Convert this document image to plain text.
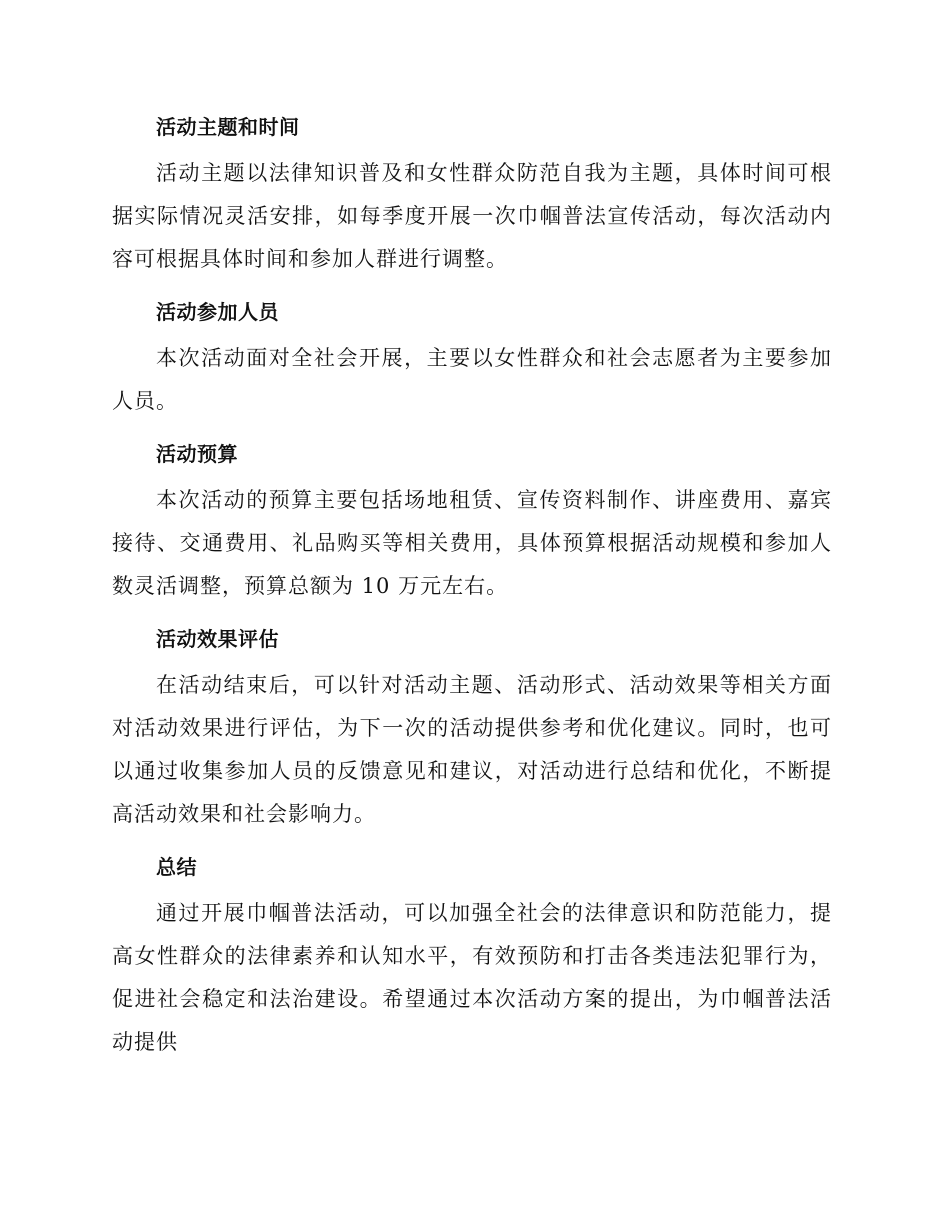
活动主题和时间

活动主题以法律知识普及和女性群众防范自我为主题，具体时间可根据实际情况灵活安排，如每季度开展一次巾帼普法宣传活动，每次活动内容可根据具体时间和参加人群进行调整。

活动参加人员

本次活动面对全社会开展，主要以女性群众和社会志愿者为主要参加人员。

活动预算

本次活动的预算主要包括场地租赁、宣传资料制作、讲座费用、嘉宾接待、交通费用、礼品购买等相关费用，具体预算根据活动规模和参加人数灵活调整，预算总额为 10 万元左右。

活动效果评估

在活动结束后，可以针对活动主题、活动形式、活动效果等相关方面对活动效果进行评估，为下一次的活动提供参考和优化建议。同时，也可以通过收集参加人员的反馈意见和建议，对活动进行总结和优化，不断提高活动效果和社会影响力。

总结

通过开展巾帼普法活动，可以加强全社会的法律意识和防范能力，提高女性群众的法律素养和认知水平，有效预防和打击各类违法犯罪行为，促进社会稳定和法治建设。希望通过本次活动方案的提出，为巾帼普法活动提供
